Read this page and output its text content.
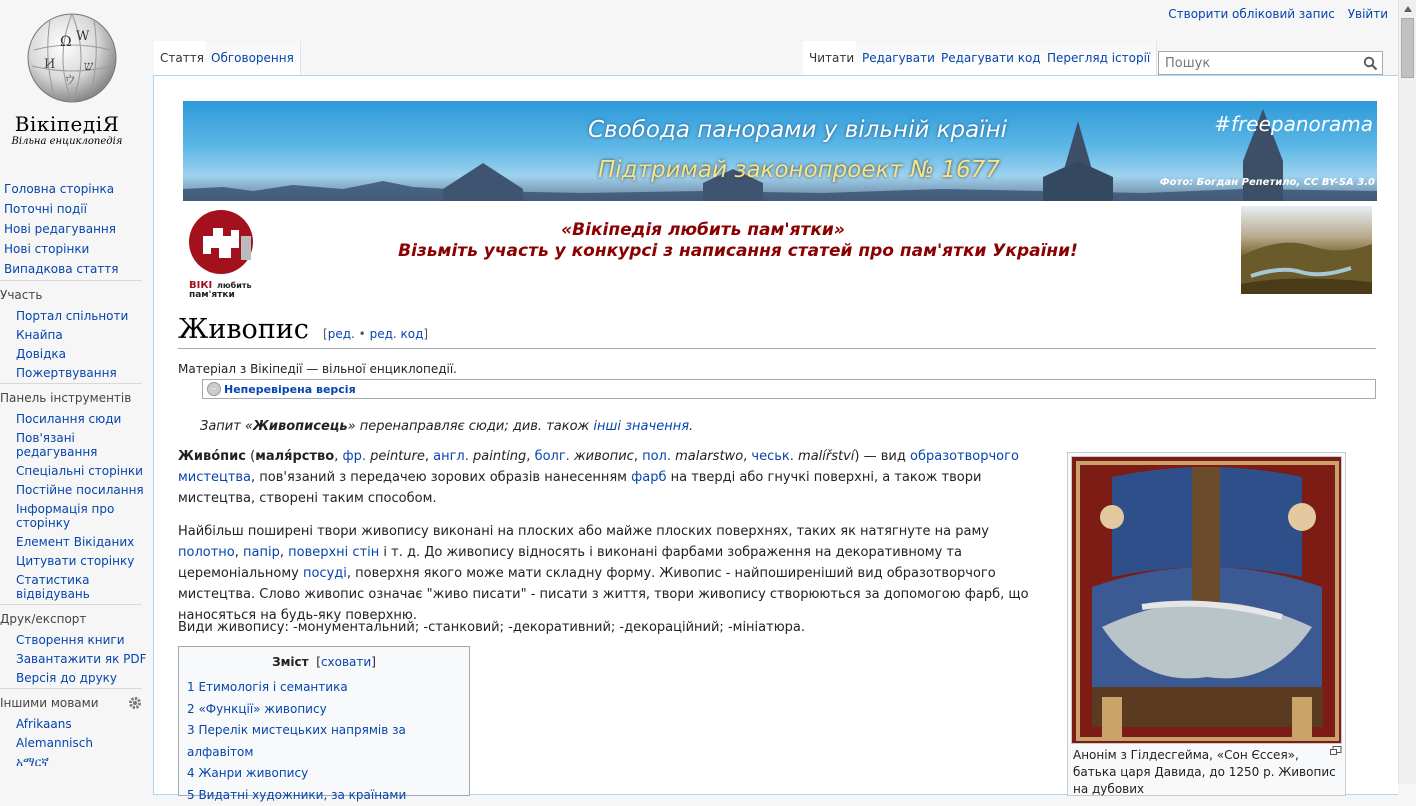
Ω W
И ש
ウ
ВікіпедіЯ
Вільна енциклопедія
Створити обліковий запис Увійти
Головна сторінка
Поточні події
Нові редагування
Нові сторінки
Випадкова стаття
Участь
Портал спільноти
Кнайпа
Довідка
Пожертвування
Панель інструментів
Посилання сюди
Пов'язані редагування
Спеціальні сторінки
Постійне посилання
Інформація про сторінку
Елемент Вікіданих
Цитувати сторінку
Статистика відвідувань
Друк/експорт
Створення книги
Завантажити як PDF
Версія до друку
Іншими мовами
Afrikaans
Alemannisch
አማርኛ
Стаття Обговорення	Читати Редагувати Редагувати код Перегляд історії
Пошук
Свобода панорами у вільній країні
Підтримай законопроект № 1677
#freepanorama
Фото: Богдан Репетило, CC BY-SA 3.0
ВІКІ любить
пам'ятки
«Вікіпедія любить пам'ятки»
Візьміть участь у конкурсі з написання статей про пам'ятки України!
Живопис [ред. • ред. код]
Матеріал з Вікіпедії — вільної енциклопедії.
– Неперевірена версія
Запит «Живописець» перенаправляє сюди; див. також інші значення.
Живо́пис (маля́рство, фр. peinture, англ. painting, болг. живопис, пол. malarstwo, чеськ. malířství) — вид образотворчого мистецтва, пов'язаний з передачею зорових образів нанесенням фарб на тверді або гнучкі поверхні, а також твори мистецтва, створені таким способом.
Найбільш поширені твори живопису виконані на плоских або майже плоских поверхнях, таких як натягнуте на раму полотно, папір, поверхні стін і т. д. До живопису відносять і виконані фарбами зображення на декоративному та церемоніальному посуді, поверхня якого може мати складну форму. Живопис - найпоширеніший вид образотворчого мистецтва. Слово живопис означає "живо писати" - писати з життя, твори живопису створюються за допомогою фарб, що наносяться на будь-яку поверхню.
Види живопису: -монументальний; -станковий; -декоративний; -декораційний; -мініатюра.
Зміст [сховати]
1 Етимологія і семантика
2 «Функції» живопису
3 Перелік мистецьких напрямів за алфавітом
4 Жанри живопису
5 Видатні художники, за країнами
Анонім з Гілдесгейма, «Сон Єссея», батька царя Давида, до 1250 р. Живопис на дубових
